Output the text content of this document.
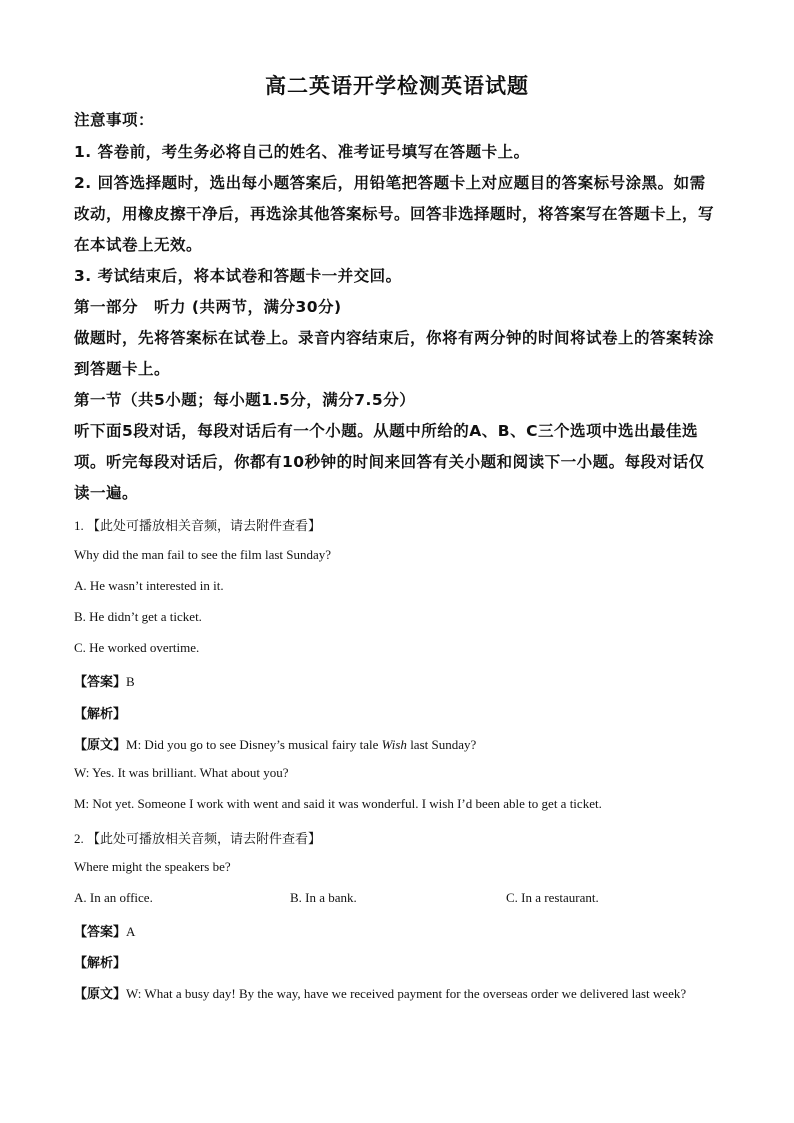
高二英语开学检测英语试题
注意事项：
1. 答卷前，考生务必将自己的姓名、准考证号填写在答题卡上。
2. 回答选择题时，选出每小题答案后，用铅笔把答题卡上对应题目的答案标号涂黑。如需
改动，用橡皮擦干净后，再选涂其他答案标号。回答非选择题时，将答案写在答题卡上，写
在本试卷上无效。
3. 考试结束后，将本试卷和答题卡一并交回。
第一部分　听力 (共两节，满分30分)
做题时，先将答案标在试卷上。录音内容结束后，你将有两分钟的时间将试卷上的答案转涂
到答题卡上。
第一节（共5小题；每小题1.5分，满分7.5分）
听下面5段对话，每段对话后有一个小题。从题中所给的A、B、C三个选项中选出最佳选
项。听完每段对话后，你都有10秒钟的时间来回答有关小题和阅读下一小题。每段对话仅
读一遍。
1. 【此处可播放相关音频，请去附件查看】
Why did the man fail to see the film last Sunday?
A. He wasn’t interested in it.
B. He didn’t get a ticket.
C. He worked overtime.
【答案】B
【解析】
【原文】M: Did you go to see Disney’s musical fairy tale Wish last Sunday?
W: Yes. It was brilliant. What about you?
M: Not yet. Someone I work with went and said it was wonderful. I wish I’d been able to get a ticket.
2. 【此处可播放相关音频，请去附件查看】
Where might the speakers be?
A. In an office.	B. In a bank.	C. In a restaurant.
【答案】A
【解析】
【原文】W: What a busy day! By the way, have we received payment for the overseas order we delivered last week?
